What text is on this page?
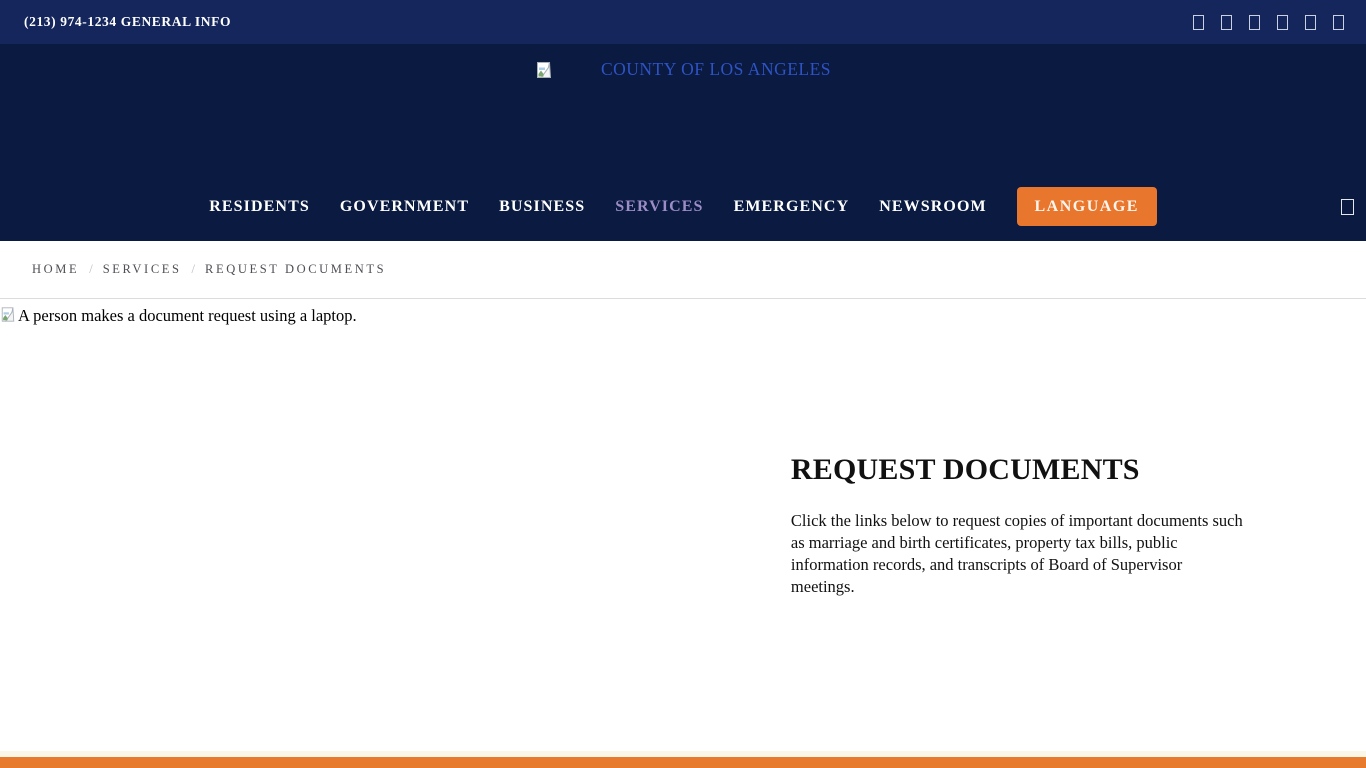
(213) 974-1234 GENERAL INFO
COUNTY OF LOS ANGELES
RESIDENTS GOVERNMENT BUSINESS SERVICES EMERGENCY NEWSROOM	LANGUAGE
HOME / SERVICES / REQUEST DOCUMENTS
A person makes a document request using a laptop.
REQUEST DOCUMENTS

Click the links below to request copies of important documents such as marriage and birth certificates, property tax bills, public information records, and transcripts of Board of Supervisor meetings.
